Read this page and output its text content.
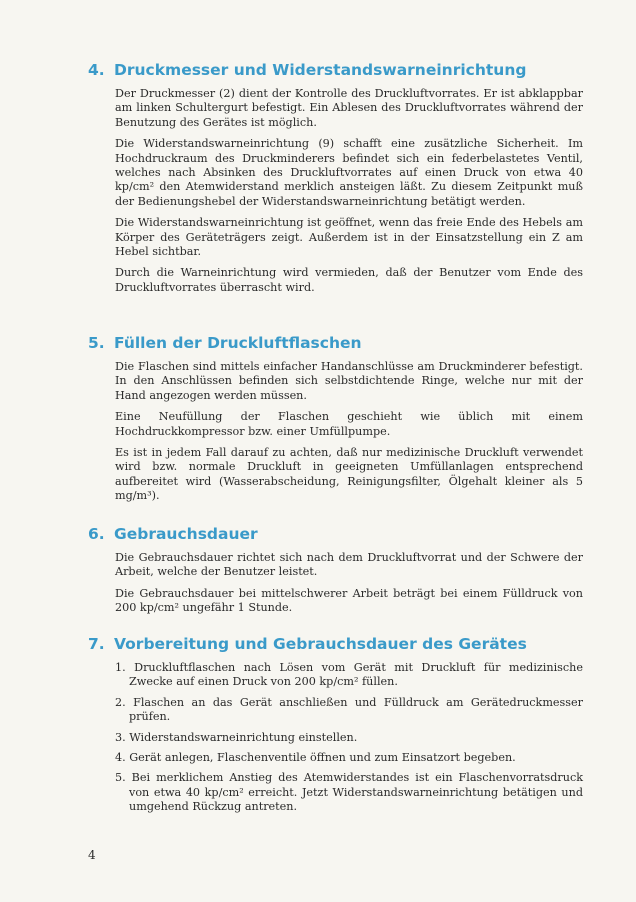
4. Druckmesser und Widerstandswarneinrichtung

Der Druckmesser (2) dient der Kontrolle des Druckluftvorrates. Er ist abklappbar am linken Schultergurt befestigt. Ein Ablesen des Druckluftvorrates während der Benutzung des Gerätes ist möglich.

Die Widerstandswarneinrichtung (9) schafft eine zusätzliche Sicherheit. Im Hochdruckraum des Druckminderers befindet sich ein federbelastetes Ventil, welches nach Absinken des Druckluftvorrates auf einen Druck von etwa 40 kp/cm² den Atemwiderstand merklich ansteigen läßt. Zu diesem Zeitpunkt muß der Bedienungshebel der Widerstandswarneinrichtung betätigt werden.

Die Widerstandswarneinrichtung ist geöffnet, wenn das freie Ende des Hebels am Körper des Geräteträgers zeigt. Außerdem ist in der Einsatzstellung ein Z am Hebel sichtbar.

Durch die Warneinrichtung wird vermieden, daß der Benutzer vom Ende des Druckluftvorrates überrascht wird.

5. Füllen der Druckluftflaschen

Die Flaschen sind mittels einfacher Handanschlüsse am Druckminderer befestigt. In den Anschlüssen befinden sich selbstdichtende Ringe, welche nur mit der Hand angezogen werden müssen.

Eine Neufüllung der Flaschen geschieht wie üblich mit einem Hochdruckkompressor bzw. einer Umfüllpumpe.

Es ist in jedem Fall darauf zu achten, daß nur medizinische Druckluft verwendet wird bzw. normale Druckluft in geeigneten Umfüllanlagen entsprechend aufbereitet wird (Wasserabscheidung, Reinigungsfilter, Ölgehalt kleiner als 5 mg/m³).

6. Gebrauchsdauer

Die Gebrauchsdauer richtet sich nach dem Druckluftvorrat und der Schwere der Arbeit, welche der Benutzer leistet.

Die Gebrauchsdauer bei mittelschwerer Arbeit beträgt bei einem Fülldruck von 200 kp/cm² ungefähr 1 Stunde.

7. Vorbereitung und Gebrauchsdauer des Gerätes
1. Druckluftflaschen nach Lösen vom Gerät mit Druckluft für medizinische Zwecke auf einen Druck von 200 kp/cm² füllen.
2. Flaschen an das Gerät anschließen und Fülldruck am Gerätedruckmesser prüfen.
3. Widerstandswarneinrichtung einstellen.
4. Gerät anlegen, Flaschenventile öffnen und zum Einsatzort begeben.
5. Bei merklichem Anstieg des Atemwiderstandes ist ein Flaschenvorratsdruck von etwa 40 kp/cm² erreicht. Jetzt Widerstandswarneinrichtung betätigen und umgehend Rückzug antreten.
4
